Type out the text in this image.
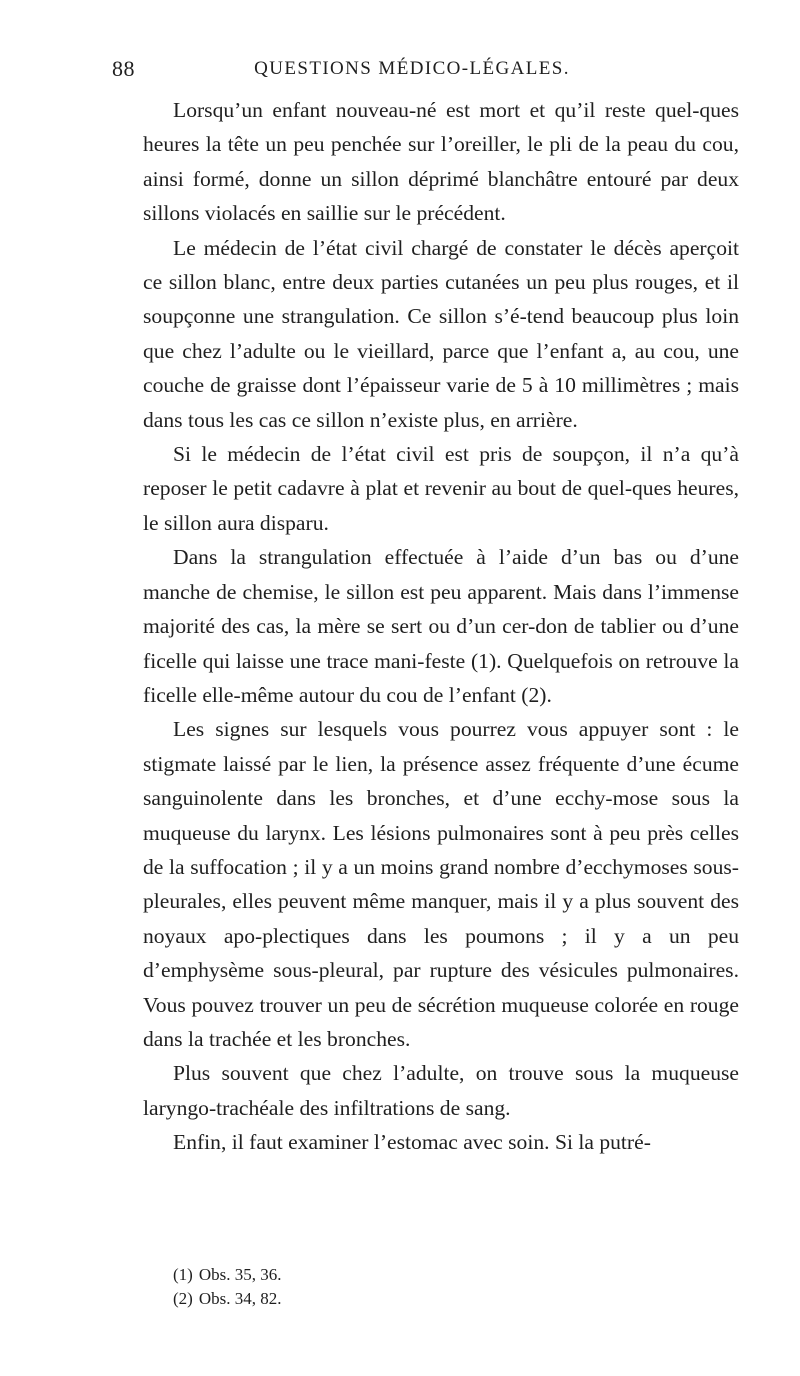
88	QUESTIONS MÉDICO-LÉGALES.

Lorsqu’un enfant nouveau-né est mort et qu’il reste quel-ques heures la tête un peu penchée sur l’oreiller, le pli de la peau du cou, ainsi formé, donne un sillon déprimé blanchâtre entouré par deux sillons violacés en saillie sur le précédent.

Le médecin de l’état civil chargé de constater le décès aperçoit ce sillon blanc, entre deux parties cutanées un peu plus rouges, et il soupçonne une strangulation. Ce sillon s’é-tend beaucoup plus loin que chez l’adulte ou le vieillard, parce que l’enfant a, au cou, une couche de graisse dont l’épaisseur varie de 5 à 10 millimètres ; mais dans tous les cas ce sillon n’existe plus, en arrière.

Si le médecin de l’état civil est pris de soupçon, il n’a qu’à reposer le petit cadavre à plat et revenir au bout de quel-ques heures, le sillon aura disparu.

Dans la strangulation effectuée à l’aide d’un bas ou d’une manche de chemise, le sillon est peu apparent. Mais dans l’immense majorité des cas, la mère se sert ou d’un cer-don de tablier ou d’une ficelle qui laisse une trace mani-feste (1). Quelquefois on retrouve la ficelle elle-même autour du cou de l’enfant (2).

Les signes sur lesquels vous pourrez vous appuyer sont : le stigmate laissé par le lien, la présence assez fréquente d’une écume sanguinolente dans les bronches, et d’une ecchy-mose sous la muqueuse du larynx. Les lésions pulmonaires sont à peu près celles de la suffocation ; il y a un moins grand nombre d’ecchymoses sous-pleurales, elles peuvent même manquer, mais il y a plus souvent des noyaux apo-plectiques dans les poumons ; il y a un peu d’emphysème sous-pleural, par rupture des vésicules pulmonaires. Vous pouvez trouver un peu de sécrétion muqueuse colorée en rouge dans la trachée et les bronches.

Plus souvent que chez l’adulte, on trouve sous la muqueuse laryngo-trachéale des infiltrations de sang.

Enfin, il faut examiner l’estomac avec soin. Si la putré-

(1) Obs. 35, 36.
(2) Obs. 34, 82.
